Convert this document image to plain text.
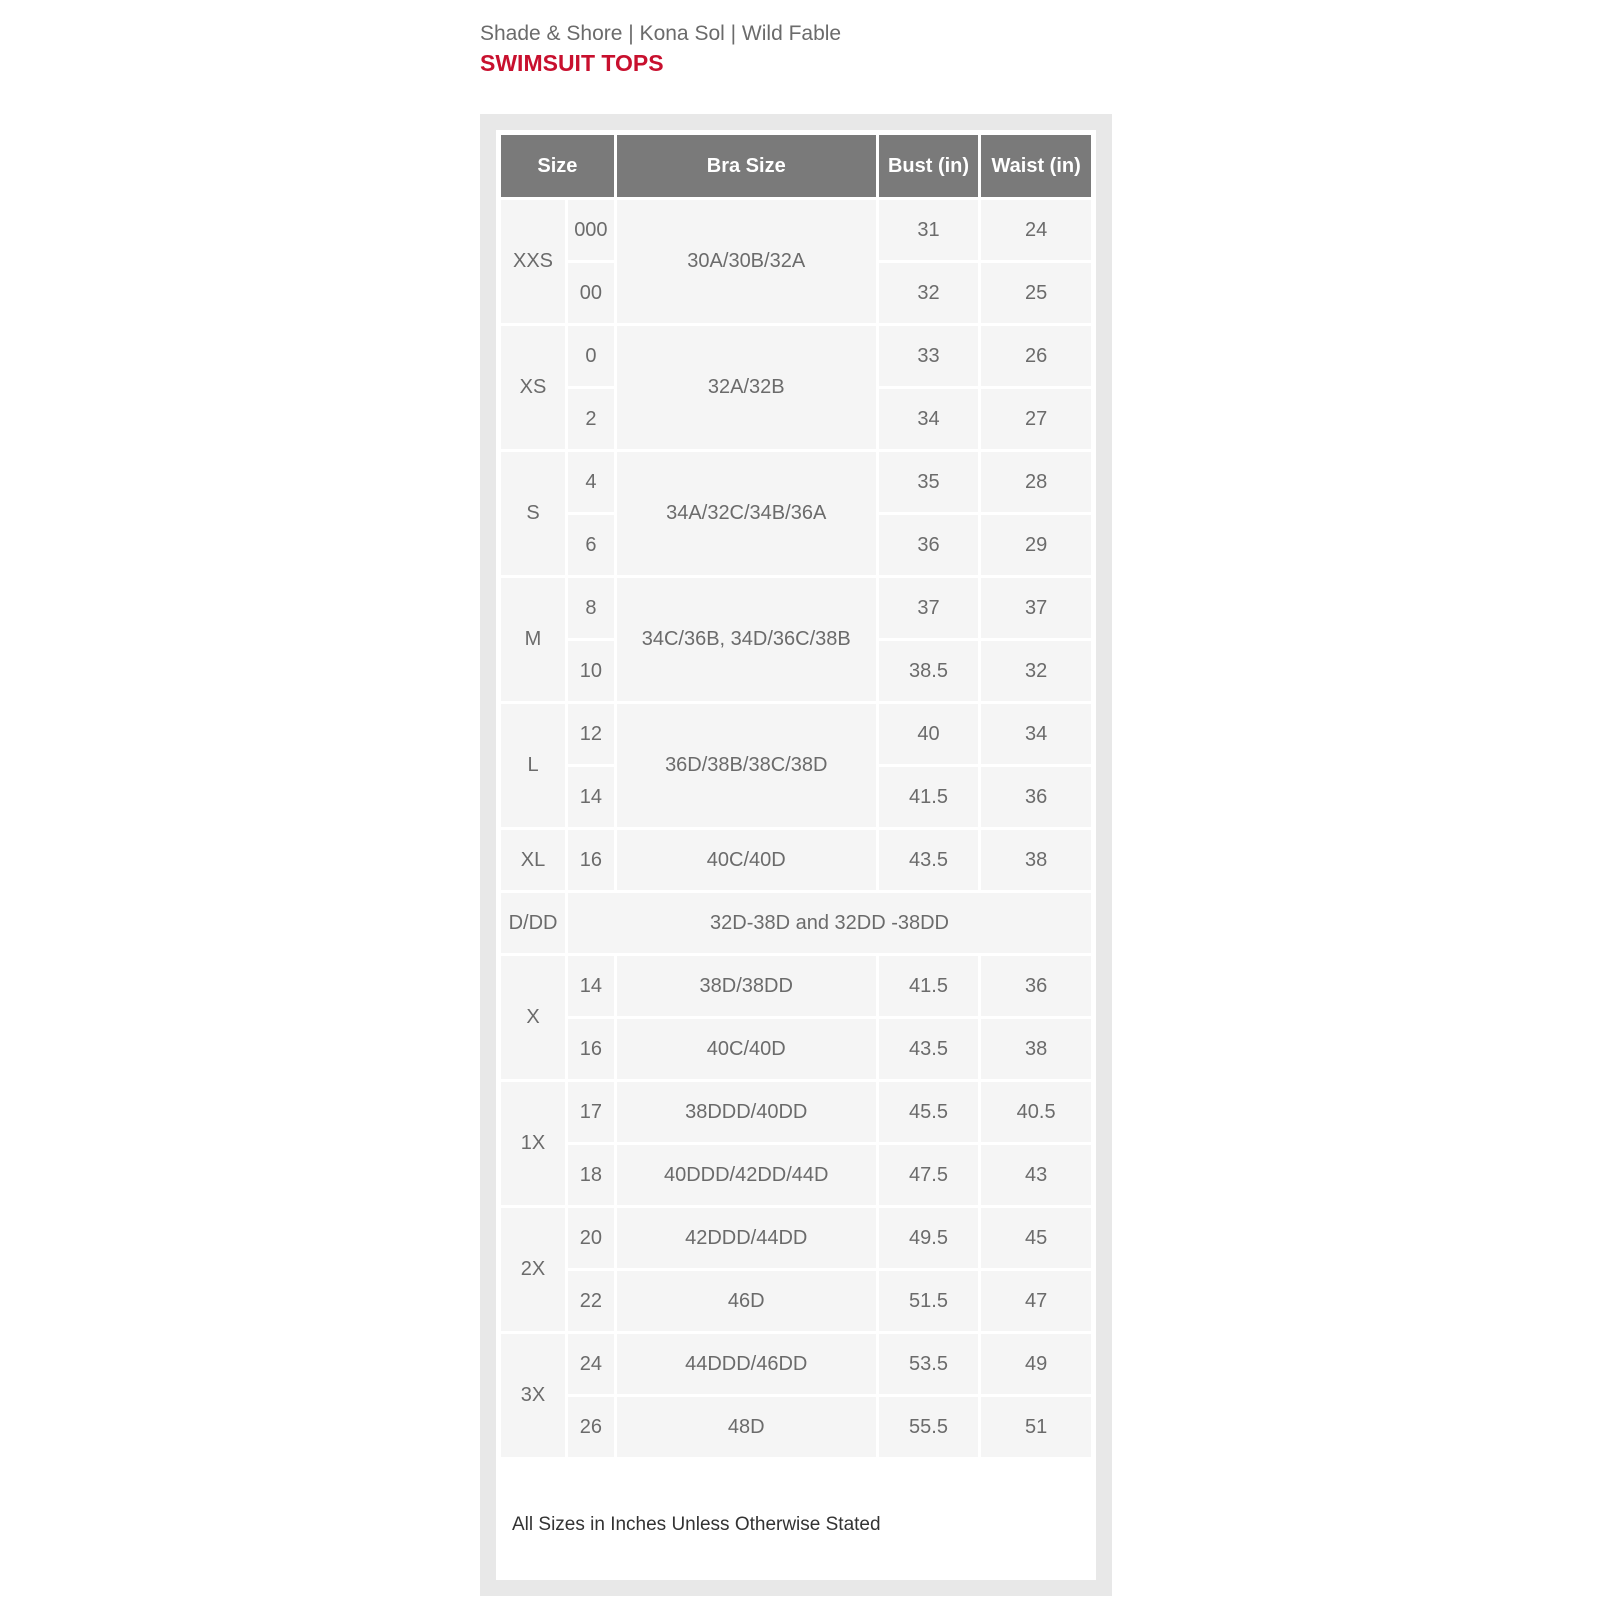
Shade & Shore | Kona Sol | Wild Fable
SWIMSUIT TOPS
Size		Bra Size	Bust (in)	Waist (in)
XXS	000	30A/30B/32A	31	24
	00		32	25
XS	0	32A/32B	33	26
	2		34	27
S	4	34A/32C/34B/36A	35	28
	6		36	29
M	8	34C/36B, 34D/36C/38B	37	37
	10		38.5	32
L	12	36D/38B/38C/38D	40	34
	14		41.5	36
XL	16	40C/40D	43.5	38
D/DD	32D-38D and 32DD -38DD			
X	14	38D/38DD	41.5	36
	16	40C/40D	43.5	38
1X	17	38DDD/40DD	45.5	40.5
	18	40DDD/42DD/44D	47.5	43
2X	20	42DDD/44DD	49.5	45
	22	46D	51.5	47
3X	24	44DDD/46DD	53.5	49
	26	48D	55.5	51
All Sizes in Inches Unless Otherwise Stated
